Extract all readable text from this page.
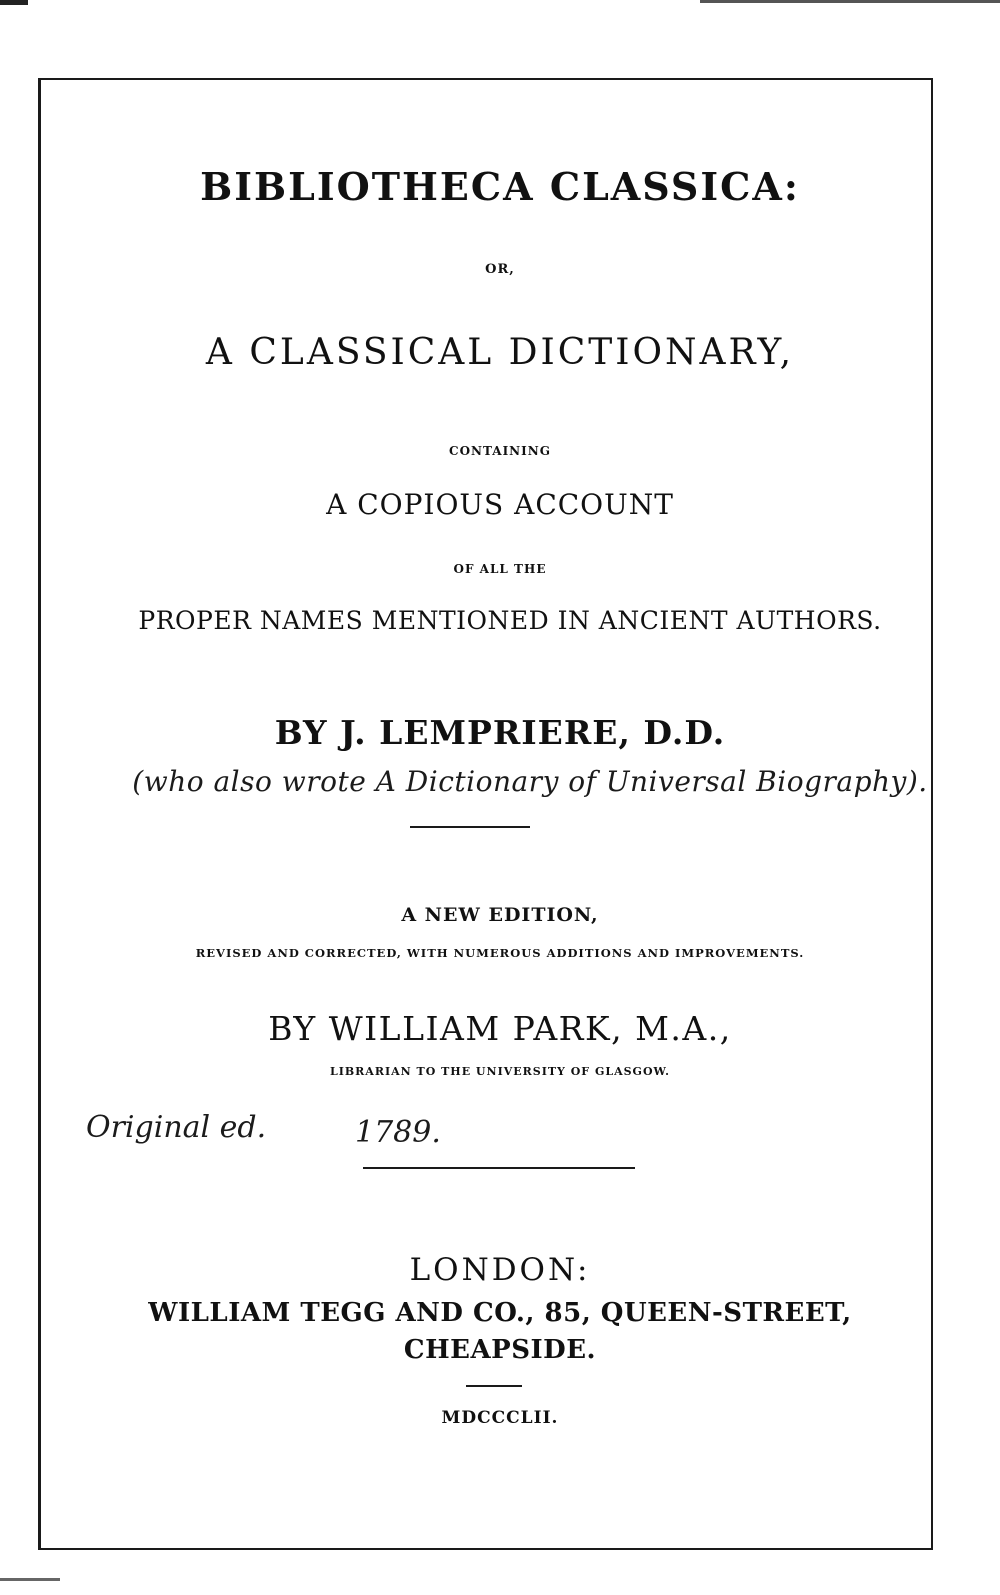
BIBLIOTHECA CLASSICA:
OR,
A CLASSICAL DICTIONARY,
CONTAINING
A COPIOUS ACCOUNT
OF ALL THE
PROPER NAMES MENTIONED IN ANCIENT AUTHORS.
BY J. LEMPRIERE, D.D.
(who also wrote A Dictionary of Universal Biography).
A NEW EDITION,
REVISED AND CORRECTED, WITH NUMEROUS ADDITIONS AND IMPROVEMENTS.
BY WILLIAM PARK, M.A.,
LIBRARIAN TO THE UNIVERSITY OF GLASGOW.
Original ed.	1789.
LONDON:
WILLIAM TEGG AND CO., 85, QUEEN-STREET,
CHEAPSIDE.
MDCCCLII.
